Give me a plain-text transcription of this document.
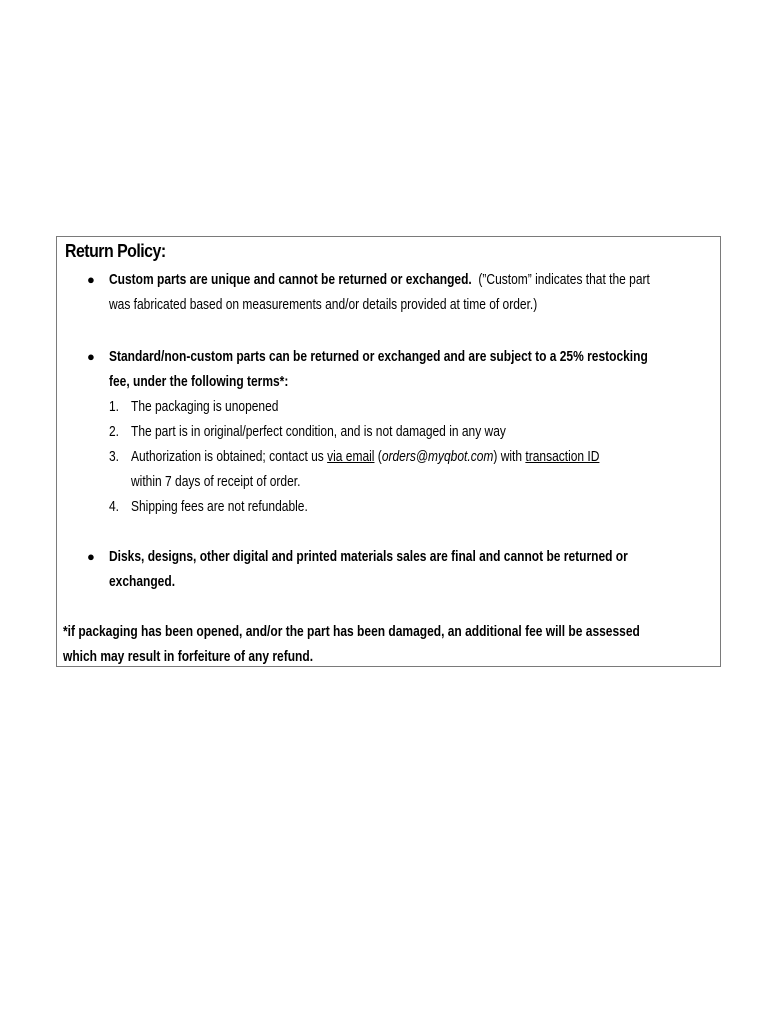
Return Policy:
● Custom parts are unique and cannot be returned or exchanged. (”Custom” indicates that the part
was fabricated based on measurements and/or details provided at time of order.)
● Standard/non-custom parts can be returned or exchanged and are subject to a 25% restocking
fee, under the following terms*:
1. The packaging is unopened
2. The part is in original/perfect condition, and is not damaged in any way
3. Authorization is obtained; contact us via email (orders@myqbot.com) with transaction ID
within 7 days of receipt of order.
4. Shipping fees are not refundable.
● Disks, designs, other digital and printed materials sales are final and cannot be returned or
exchanged.
*if packaging has been opened, and/or the part has been damaged, an additional fee will be assessed
which may result in forfeiture of any refund.
